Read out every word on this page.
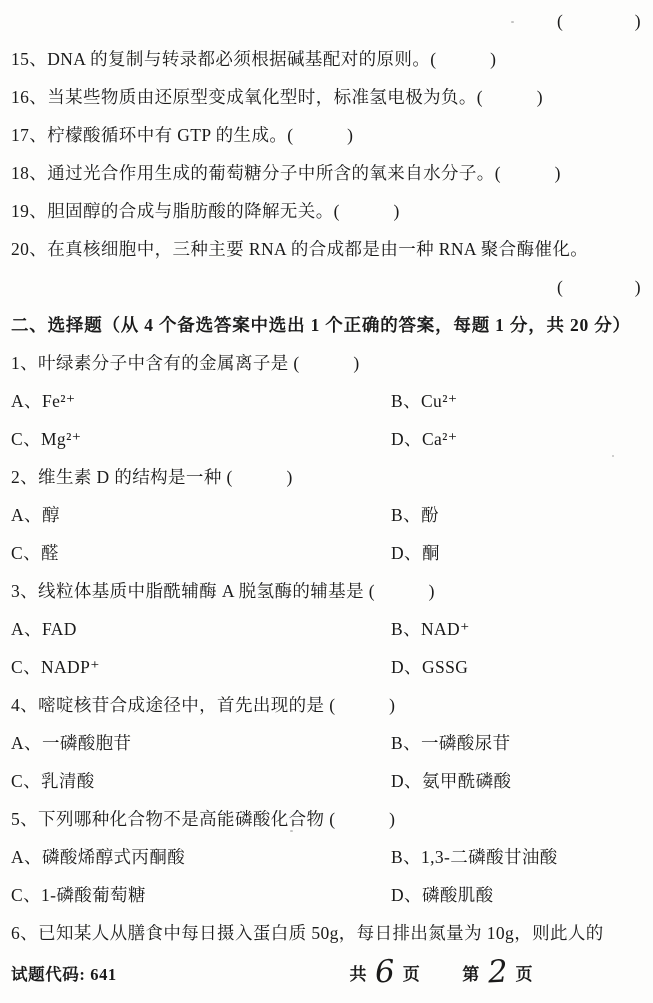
(　　　　)
15、DNA 的复制与转录都必须根据碱基配对的原则。(　　　)
16、当某些物质由还原型变成氧化型时，标准氢电极为负。(　　　)
17、柠檬酸循环中有 GTP 的生成。(　　　)
18、通过光合作用生成的葡萄糖分子中所含的氧来自水分子。(　　　)
19、胆固醇的合成与脂肪酸的降解无关。(　　　)
20、在真核细胞中，三种主要 RNA 的合成都是由一种 RNA 聚合酶催化。
(　　　　)
二、选择题（从 4 个备选答案中选出 1 个正确的答案，每题 1 分，共 20 分）
1、叶绿素分子中含有的金属离子是 (　　　)
A、Fe²⁺	B、Cu²⁺
C、Mg²⁺	D、Ca²⁺
2、维生素 D 的结构是一种 (　　　)
A、醇	B、酚
C、醛	D、酮
3、线粒体基质中脂酰辅酶 A 脱氢酶的辅基是 (　　　)
A、FAD	B、NAD⁺
C、NADP⁺	D、GSSG
4、嘧啶核苷合成途径中，首先出现的是 (　　　)
A、一磷酸胞苷	B、一磷酸尿苷
C、乳清酸	D、氨甲酰磷酸
5、下列哪种化合物不是高能磷酸化合物 (　　　)
A、磷酸烯醇式丙酮酸	B、1,3-二磷酸甘油酸
C、1-磷酸葡萄糖	D、磷酸肌酸
6、已知某人从膳食中每日摄入蛋白质 50g，每日排出氮量为 10g，则此人的
试题代码: 641	共 6 页 第 2 页
